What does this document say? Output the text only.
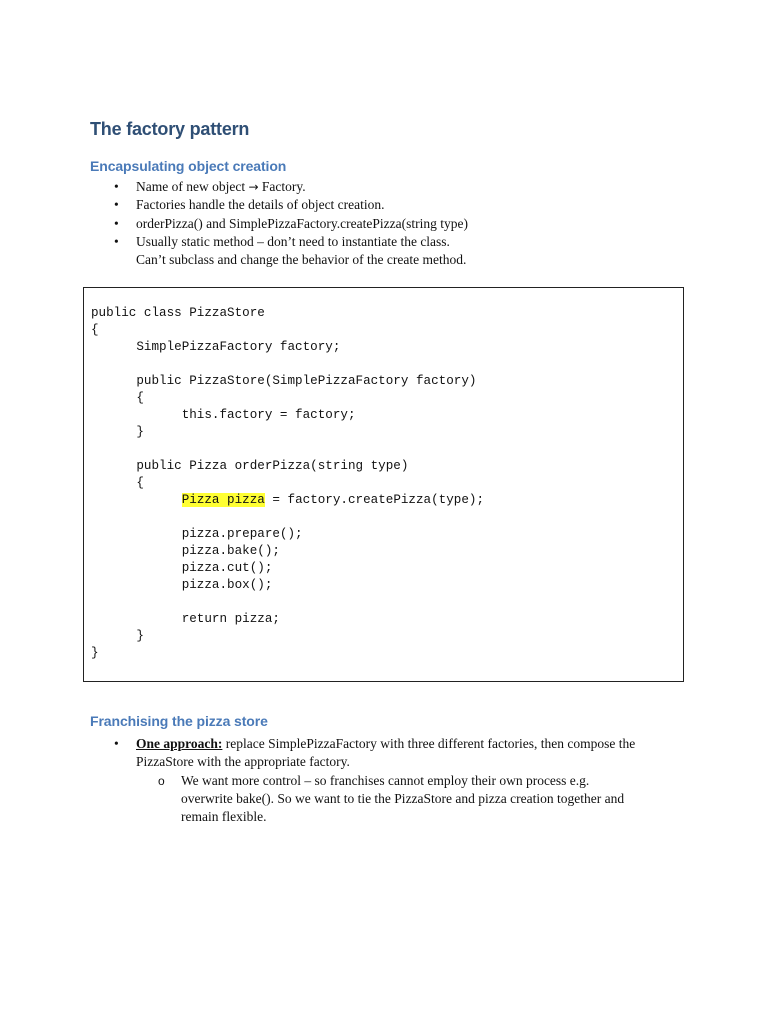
The factory pattern
Encapsulating object creation
• Name of new object → Factory.
• Factories handle the details of object creation.
• orderPizza() and SimplePizzaFactory.createPizza(string type)
• Usually static method – don’t need to instantiate the class.
Can’t subclass and change the behavior of the create method.
public class PizzaStore
{
SimplePizzaFactory factory;

public PizzaStore(SimplePizzaFactory factory)
{
this.factory = factory;
}

public Pizza orderPizza(string type)
{
Pizza pizza = factory.createPizza(type);

pizza.prepare();
pizza.bake();
pizza.cut();
pizza.box();

return pizza;
}
}
Franchising the pizza store
• One approach: replace SimplePizzaFactory with three different factories, then compose the PizzaStore with the appropriate factory.
o We want more control – so franchises cannot employ their own process e.g. overwrite bake(). So we want to tie the PizzaStore and pizza creation together and remain flexible.
